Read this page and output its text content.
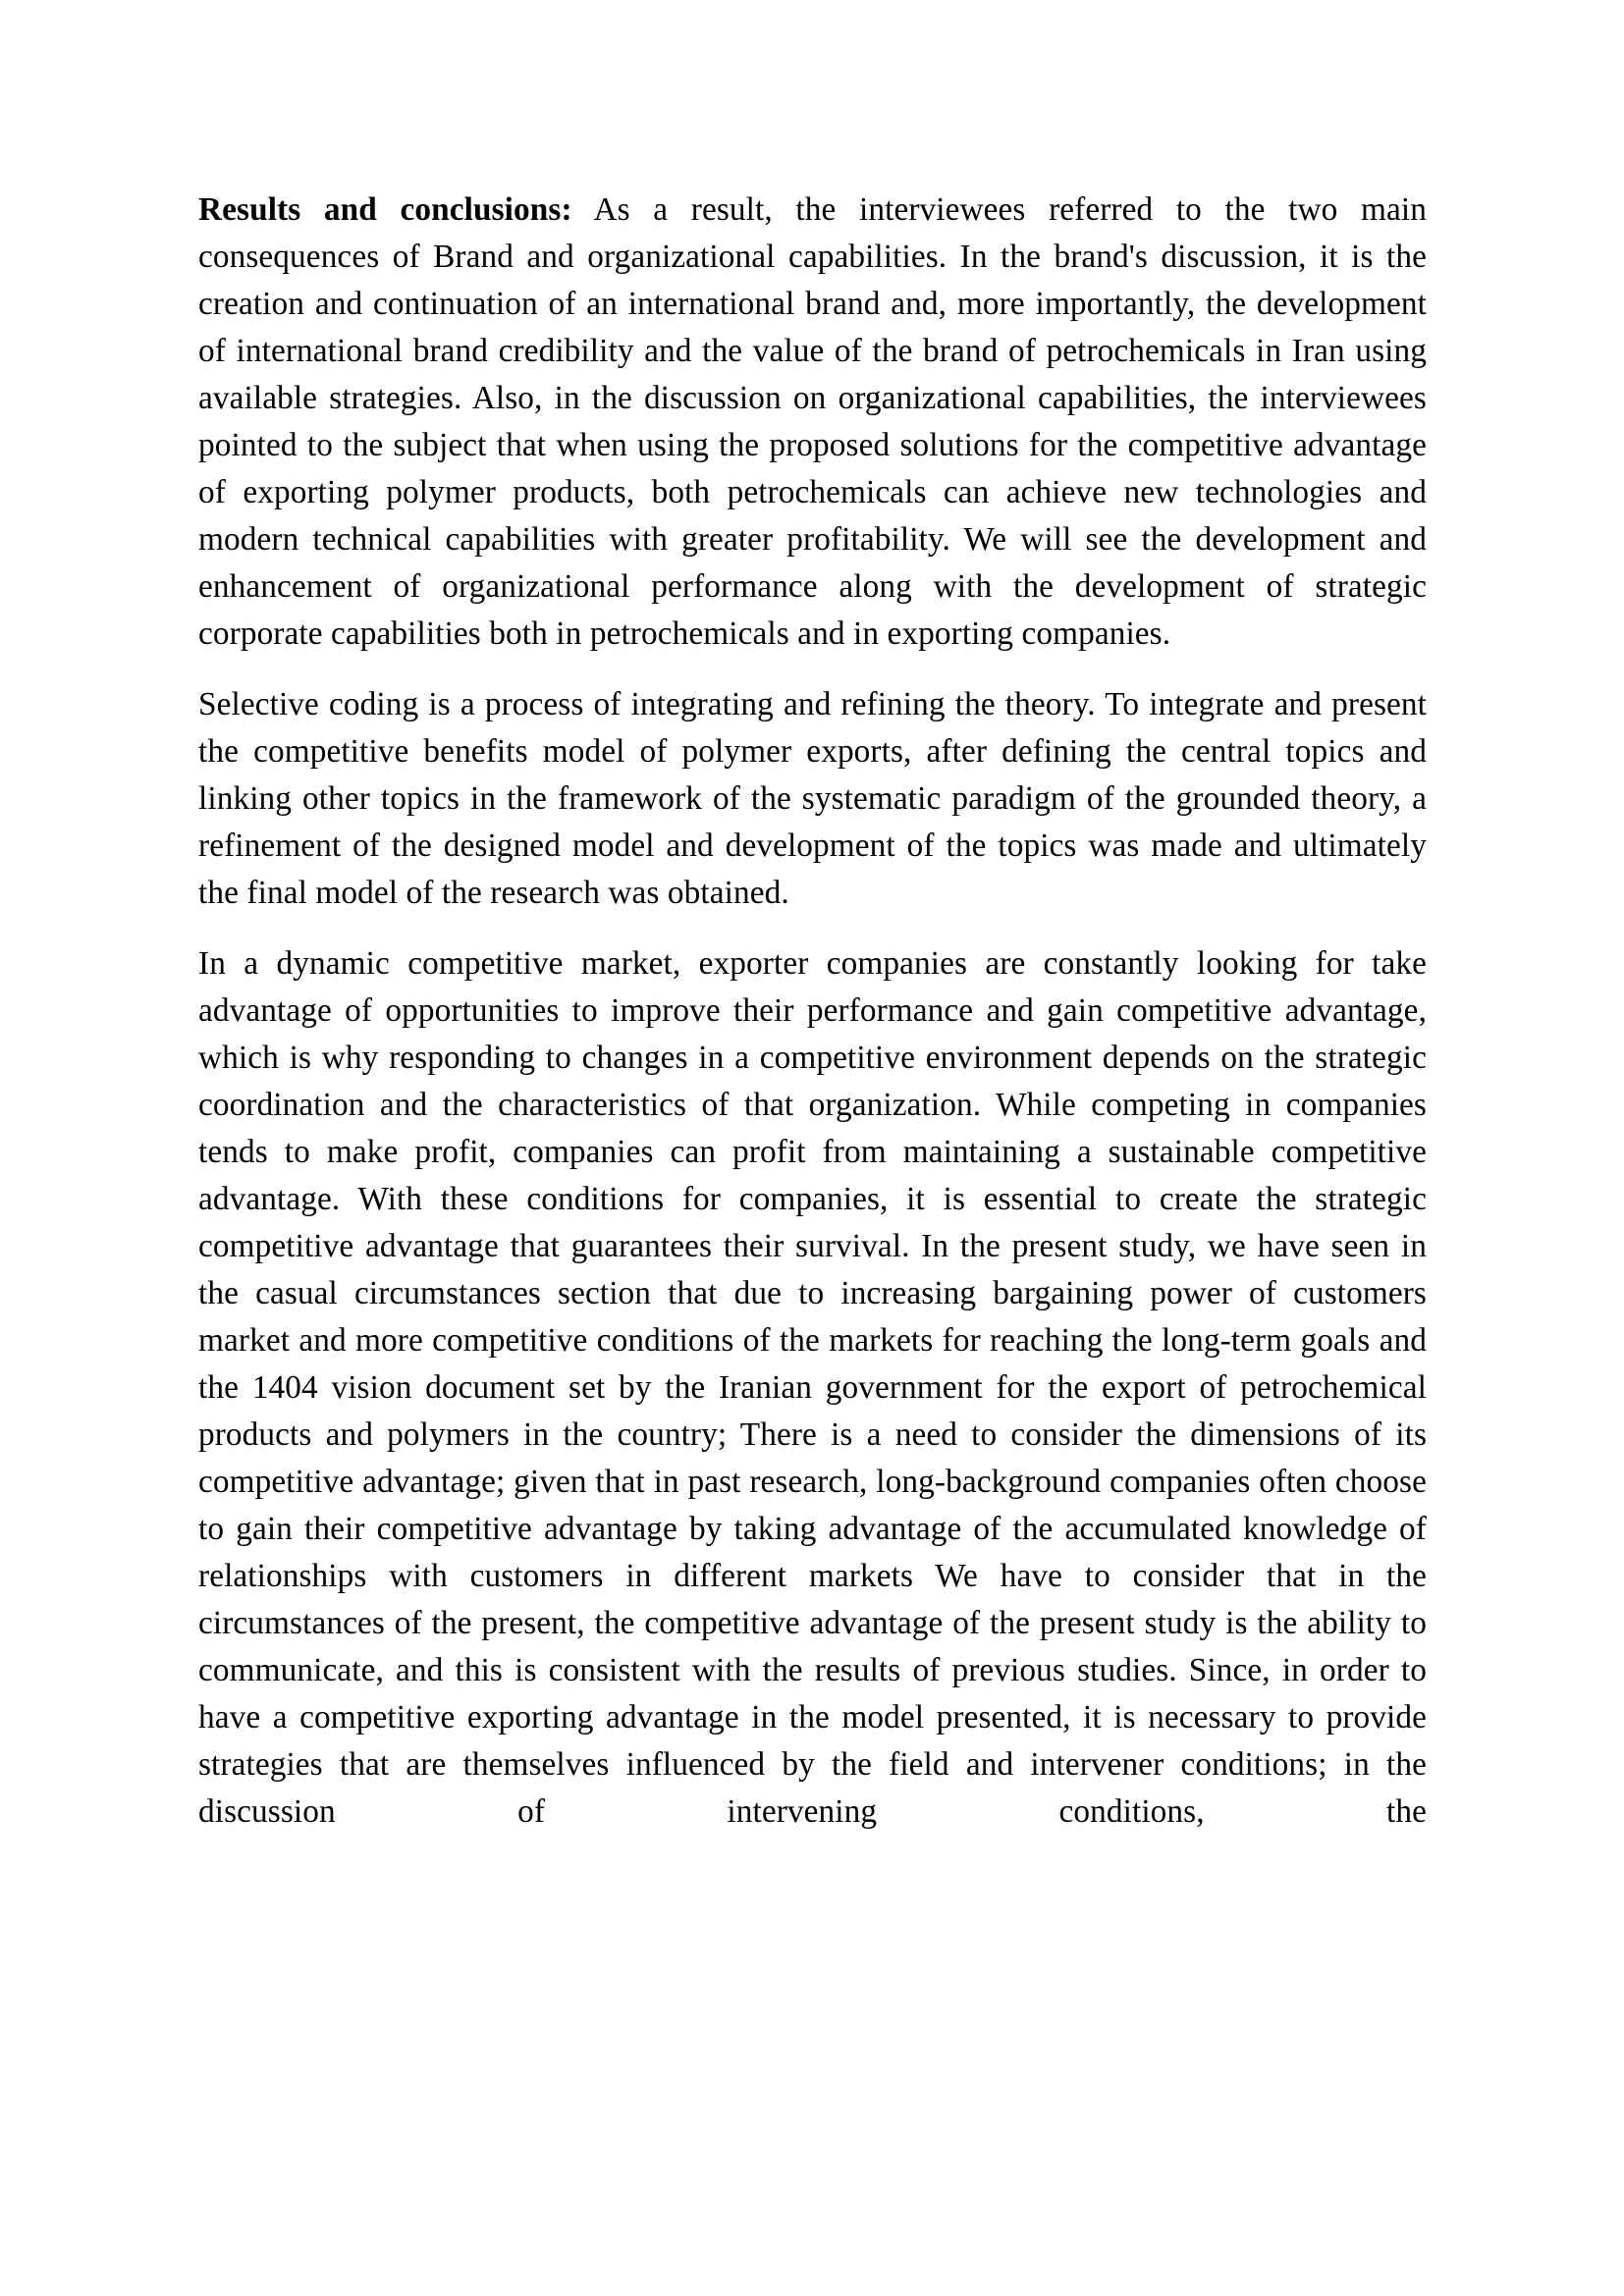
Results and conclusions: As a result, the interviewees referred to the two main consequences of Brand and organizational capabilities. In the brand's discussion, it is the creation and continuation of an international brand and, more importantly, the development of international brand credibility and the value of the brand of petrochemicals in Iran using available strategies. Also, in the discussion on organizational capabilities, the interviewees pointed to the subject that when using the proposed solutions for the competitive advantage of exporting polymer products, both petrochemicals can achieve new technologies and modern technical capabilities with greater profitability. We will see the development and enhancement of organizational performance along with the development of strategic corporate capabilities both in petrochemicals and in exporting companies.

Selective coding is a process of integrating and refining the theory. To integrate and present the competitive benefits model of polymer exports, after defining the central topics and linking other topics in the framework of the systematic paradigm of the grounded theory, a refinement of the designed model and development of the topics was made and ultimately the final model of the research was obtained.

In a dynamic competitive market, exporter companies are constantly looking for take advantage of opportunities to improve their performance and gain competitive advantage, which is why responding to changes in a competitive environment depends on the strategic coordination and the characteristics of that organization. While competing in companies tends to make profit, companies can profit from maintaining a sustainable competitive advantage. With these conditions for companies, it is essential to create the strategic competitive advantage that guarantees their survival. In the present study, we have seen in the casual circumstances section that due to increasing bargaining power of customers market and more competitive conditions of the markets for reaching the long-term goals and the 1404 vision document set by the Iranian government for the export of petrochemical products and polymers in the country; There is a need to consider the dimensions of its competitive advantage; given that in past research, long-background companies often choose to gain their competitive advantage by taking advantage of the accumulated knowledge of relationships with customers in different markets We have to consider that in the circumstances of the present, the competitive advantage of the present study is the ability to communicate, and this is consistent with the results of previous studies. Since, in order to have a competitive exporting advantage in the model presented, it is necessary to provide strategies that are themselves influenced by the field and intervener conditions; in the discussion of intervening conditions, the
